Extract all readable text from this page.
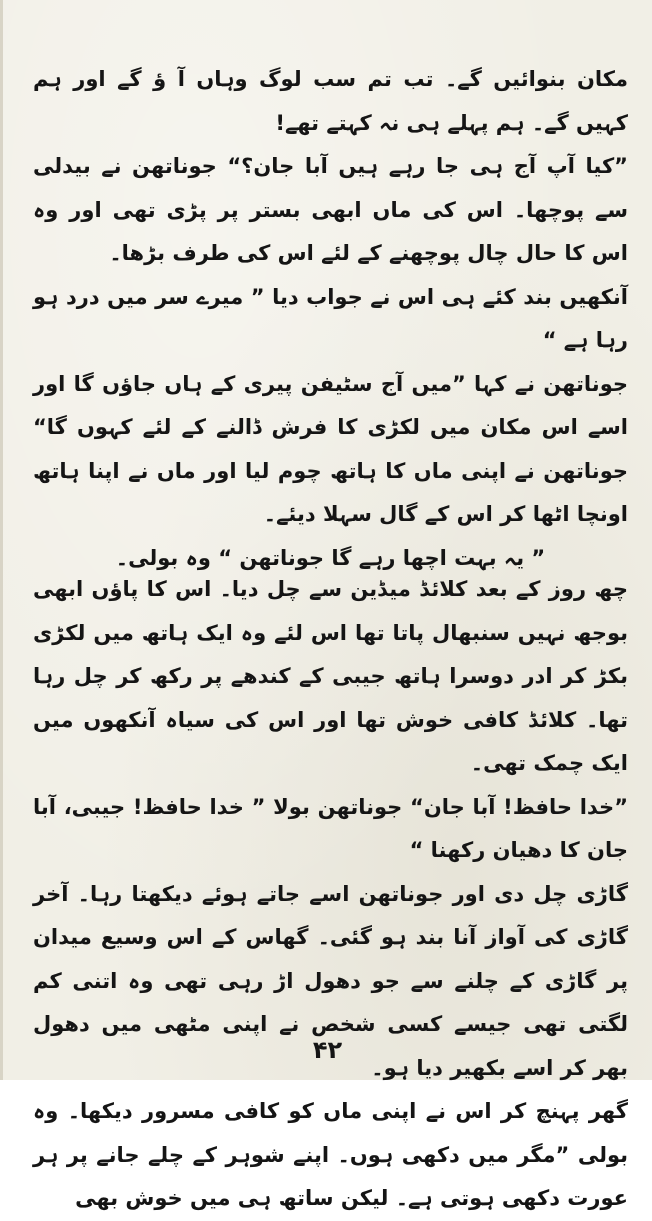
مکان بنوائیں گے۔ تب تم سب لوگ وہاں آ ؤ گے اور ہم کہیں گے۔ ہم پہلے ہی نہ کہتے تھے!

”کیا آپ آج ہی جا رہے ہیں آبا جان؟“ جوناتھن نے بیدلی سے پوچھا۔ اس کی ماں ابھی بستر پر پڑی تھی اور وہ اس کا حال چال پوچھنے کے لئے اس کی طرف بڑھا۔

آنکھیں بند کئے ہی اس نے جواب دیا ” میرے سر میں درد ہو رہا ہے “

جوناتھن نے کہا ”میں آج سٹیفن پیری کے ہاں جاؤں گا اور اسے اس مکان میں لکڑی کا فرش ڈالنے کے لئے کہوں گا“ جوناتھن نے اپنی ماں کا ہاتھ چوم لیا اور ماں نے اپنا ہاتھ اونچا اٹھا کر اس کے گال سہلا دیئے۔

” یہ بہت اچھا رہے گا جوناتھن “ وہ بولی۔

چھ روز کے بعد کلائڈ میڈین سے چل دیا۔ اس کا پاؤں ابھی بوجھ نہیں سنبھال پاتا تھا اس لئے وہ ایک ہاتھ میں لکڑی بکڑ کر ادر دوسرا ہاتھ جیبی کے کندھے پر رکھ کر چل رہا تھا۔ کلائڈ کافی خوش تھا اور اس کی سیاہ آنکھوں میں ایک چمک تھی۔

”خدا حافظ! آبا جان“ جوناتھن بولا ” خدا حافظ! جیبی، آبا جان کا دھیان رکھنا “

گاڑی چل دی اور جوناتھن اسے جاتے ہوئے دیکھتا رہا۔ آخر گاڑی کی آواز آنا بند ہو گئی۔ گھاس کے اس وسیع میدان پر گاڑی کے چلنے سے جو دھول اڑ رہی تھی وہ اتنی کم لگتی تھی جیسے کسی شخص نے اپنی مٹھی میں دھول بھر کر اسے بکھیر دیا ہو۔

گھر پہنچ کر اس نے اپنی ماں کو کافی مسرور دیکھا۔ وہ بولی ”مگر میں دکھی ہوں۔ اپنے شوہر کے چلے جانے پر ہر عورت دکھی ہوتی ہے۔ لیکن ساتھ ہی میں خوش بھی

۴۲
